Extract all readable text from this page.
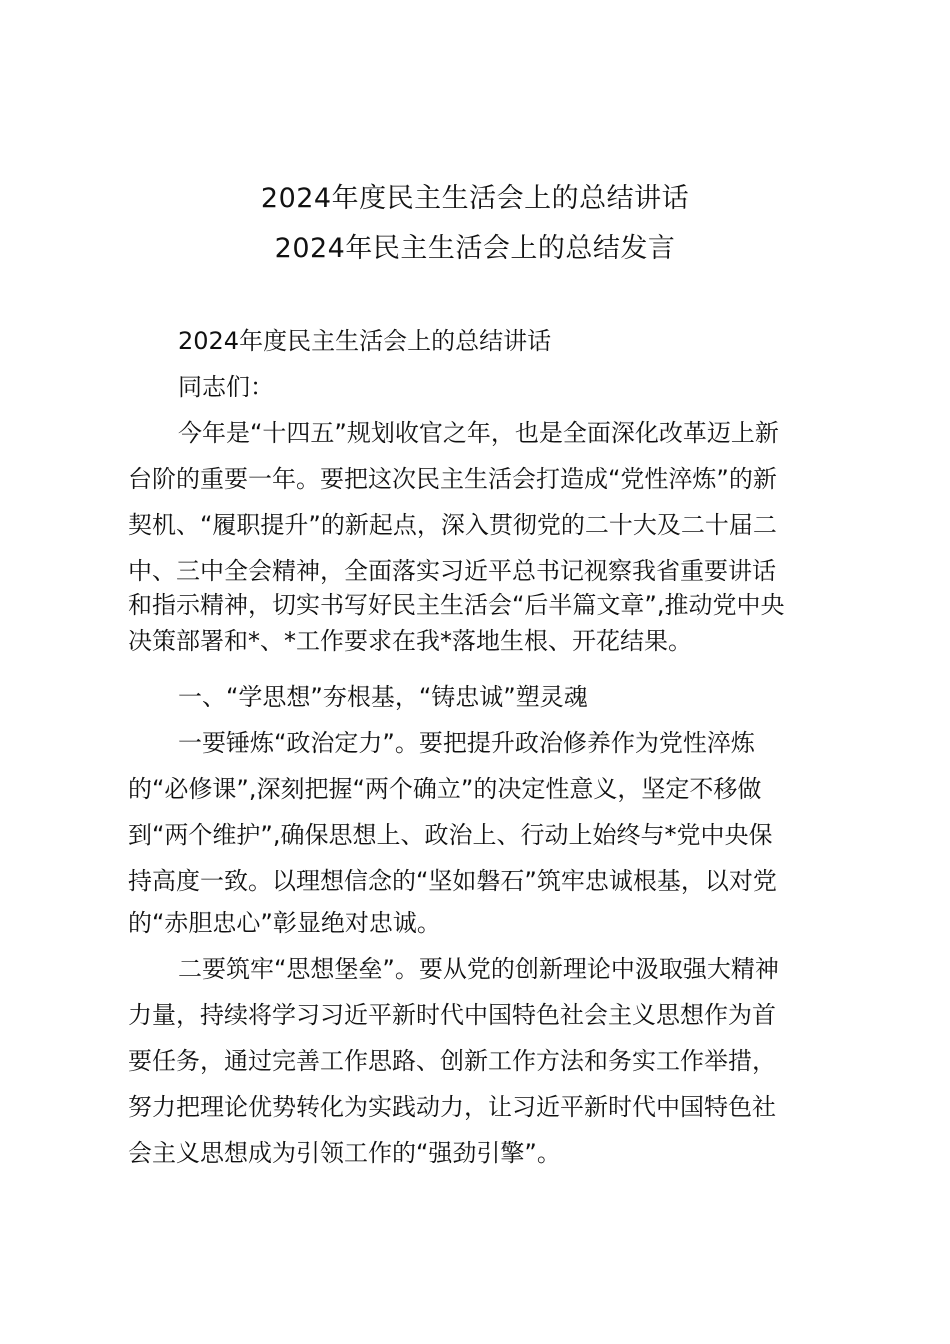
2024年度民主生活会上的总结讲话
2024年民主生活会上的总结发言
2024年度民主生活会上的总结讲话
同志们：
今年是“十四五”规划收官之年，也是全面深化改革迈上新
台阶的重要一年。要把这次民主生活会打造成“党性淬炼”的新
契机、“履职提升”的新起点，深入贯彻党的二十大及二十届二
中、三中全会精神，全面落实习近平总书记视察我省重要讲话
和指示精神，切实书写好民主生活会“后半篇文章”,推动党中央
决策部署和*、*工作要求在我*落地生根、开花结果。
一、“学思想”夯根基，“铸忠诚”塑灵魂
一要锤炼“政治定力”。要把提升政治修养作为党性淬炼
的“必修课”,深刻把握“两个确立”的决定性意义，坚定不移做
到“两个维护”,确保思想上、政治上、行动上始终与*党中央保
持高度一致。以理想信念的“坚如磐石”筑牢忠诚根基，以对党
的“赤胆忠心”彰显绝对忠诚。
二要筑牢“思想堡垒”。要从党的创新理论中汲取强大精神
力量，持续将学习习近平新时代中国特色社会主义思想作为首
要任务，通过完善工作思路、创新工作方法和务实工作举措，
努力把理论优势转化为实践动力，让习近平新时代中国特色社
会主义思想成为引领工作的“强劲引擎”。
